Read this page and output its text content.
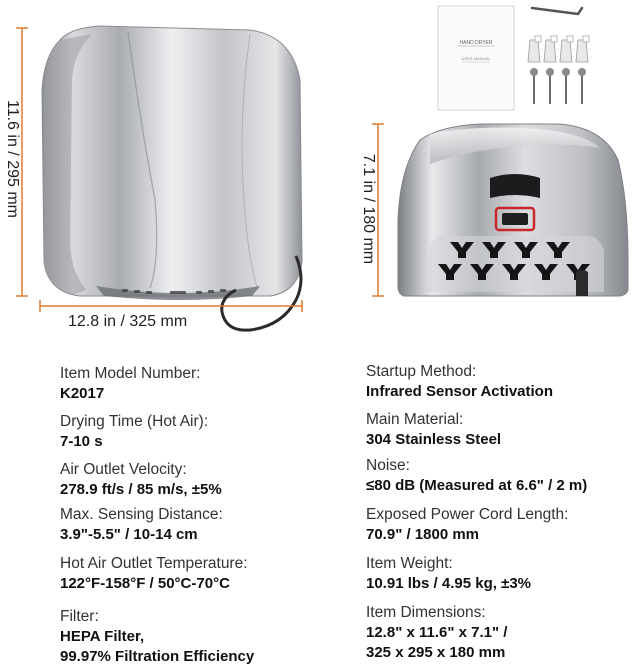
HAND DRYER
USER MANUAL
11.6 in / 295 mm
12.8 in / 325 mm
7.1 in / 180 mm
Item Model Number:
K2017
Drying Time (Hot Air):
7-10 s
Air Outlet Velocity:
278.9 ft/s / 85 m/s, ±5%
Max. Sensing Distance:
3.9"-5.5" / 10-14 cm
Hot Air Outlet Temperature:
122°F-158°F / 50°C-70°C
Filter:
HEPA Filter,
99.97% Filtration Efficiency
Startup Method:
Infrared Sensor Activation
Main Material:
304 Stainless Steel
Noise:
≤80 dB (Measured at 6.6" / 2 m)
Exposed Power Cord Length:
70.9" / 1800 mm
Item Weight:
10.91 lbs / 4.95 kg, ±3%
Item Dimensions:
12.8" x 11.6" x 7.1" /
325 x 295 x 180 mm
